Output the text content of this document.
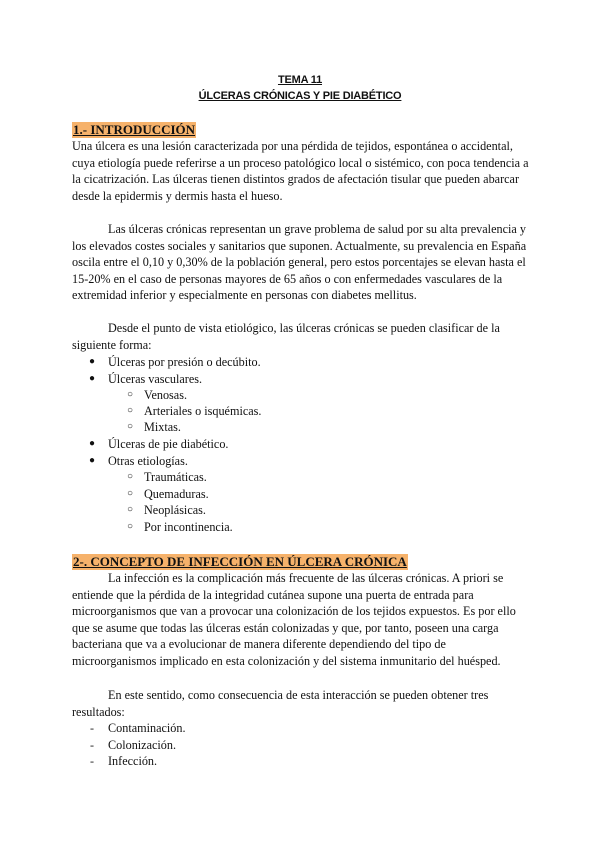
TEMA 11
ÚLCERAS CRÓNICAS Y PIE DIABÉTICO
1.- INTRODUCCIÓN

Una úlcera es una lesión caracterizada por una pérdida de tejidos, espontánea o accidental, cuya etiología puede referirse a un proceso patológico local o sistémico, con poca tendencia a la cicatrización. Las úlceras tienen distintos grados de afectación tisular que pueden abarcar desde la epidermis y dermis hasta el hueso.

Las úlceras crónicas representan un grave problema de salud por su alta prevalencia y los elevados costes sociales y sanitarios que suponen. Actualmente, su prevalencia en España oscila entre el 0,10 y 0,30% de la población general, pero estos porcentajes se elevan hasta el 15-20% en el caso de personas mayores de 65 años o con enfermedades vasculares de la extremidad inferior y especialmente en personas con diabetes mellitus.

Desde el punto de vista etiológico, las úlceras crónicas se pueden clasificar de la siguiente forma:

● Úlceras por presión o decúbito.
● Úlceras vasculares.
○ Venosas.
○ Arteriales o isquémicas.
○ Mixtas.
● Úlceras de pie diabético.
● Otras etiologías.
○ Traumáticas.
○ Quemaduras.
○ Neoplásicas.
○ Por incontinencia.
2-. CONCEPTO DE INFECCIÓN EN ÚLCERA CRÓNICA

La infección es la complicación más frecuente de las úlceras crónicas. A priori se entiende que la pérdida de la integridad cutánea supone una puerta de entrada para microorganismos que van a provocar una colonización de los tejidos expuestos. Es por ello que se asume que todas las úlceras están colonizadas y que, por tanto, poseen una carga bacteriana que va a evolucionar de manera diferente dependiendo del tipo de microorganismos implicado en esta colonización y del sistema inmunitario del huésped.

En este sentido, como consecuencia de esta interacción se pueden obtener tres resultados:

- Contaminación.
- Colonización.
- Infección.
